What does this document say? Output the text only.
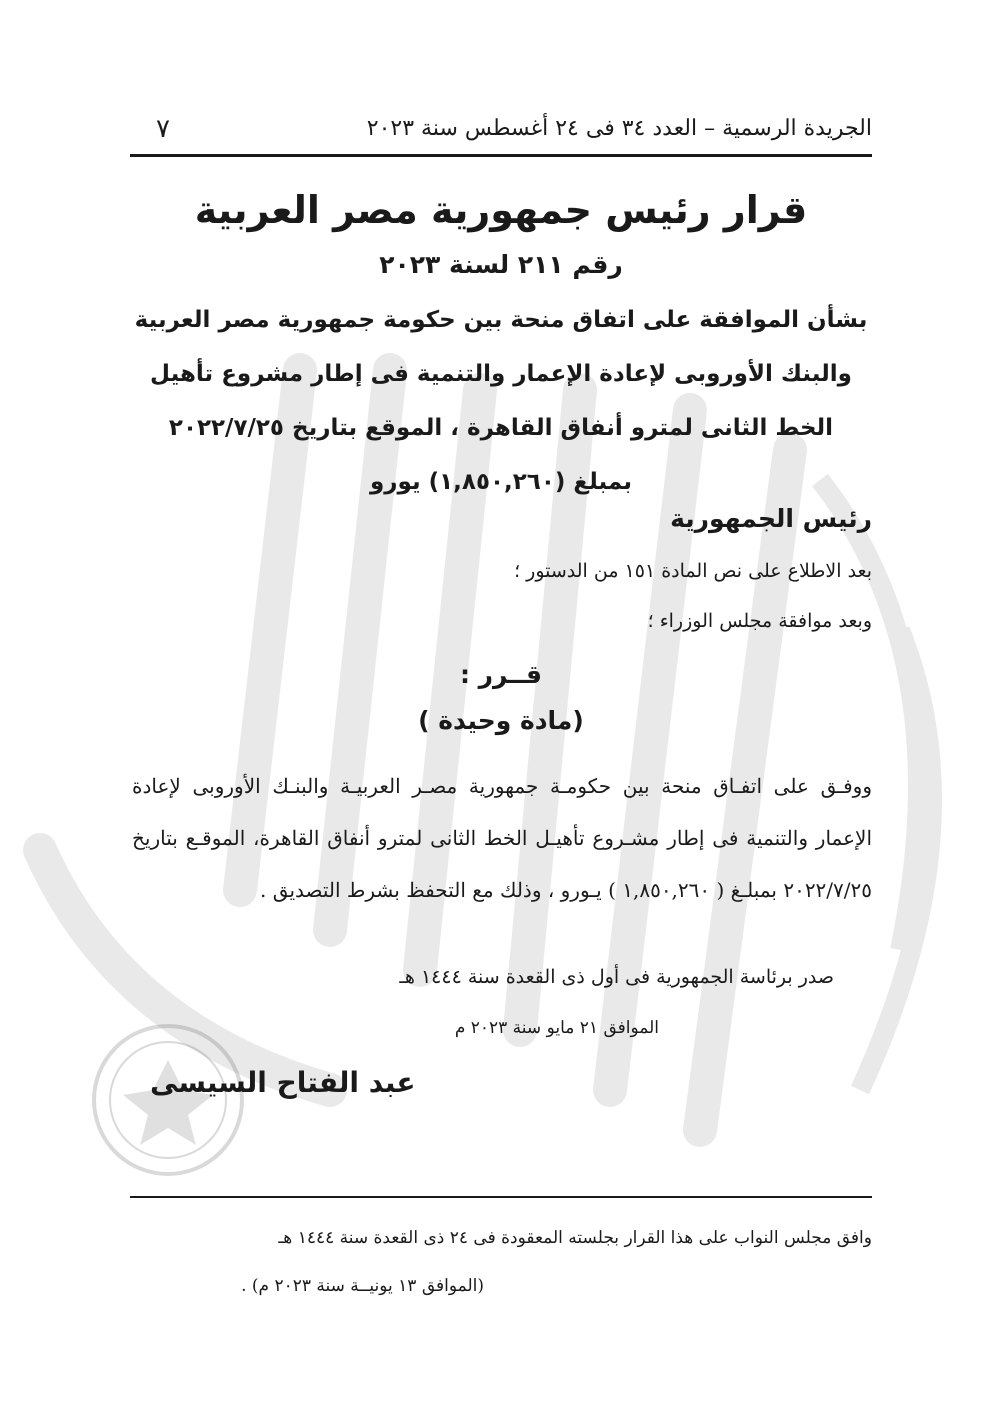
الجريدة الرسمية – العدد ٣٤ فى ٢٤ أغسطس سنة ٢٠٢٣
٧
قرار رئيس جمهورية مصر العربية
رقم ٢١١ لسنة ٢٠٢٣
بشأن الموافقة على اتفاق منحة بين حكومة جمهورية مصر العربية
والبنك الأوروبى لإعادة الإعمار والتنمية فى إطار مشروع تأهيل
الخط الثانى لمترو أنفاق القاهرة ، الموقع بتاريخ ٢٠٢٢/٧/٢٥
بمبلغ (١,٨٥٠,٢٦٠) يورو
رئيس الجمهورية
بعد الاطلاع على نص المادة ١٥١ من الدستور ؛
وبعد موافقة مجلس الوزراء ؛
قــرر :
(مادة وحيدة )
ووفـق على اتفـاق منحة بين حكومـة جمهورية مصـر العربيـة والبنـك الأوروبى لإعادة الإعمار والتنمية فى إطار مشـروع تأهيـل الخط الثانى لمترو أنفاق القاهرة، الموقـع بتاريخ ٢٠٢٢/٧/٢٥ بمبلـغ ( ١,٨٥٠,٢٦٠ ) يـورو ، وذلك مع التحفظ بشرط التصديق .
صدر برئاسة الجمهورية فى أول ذى القعدة سنة ١٤٤٤ هـ
الموافق ٢١ مايو سنة ٢٠٢٣ م
عبد الفتاح السيسى
وافق مجلس النواب على هذا القرار بجلسته المعقودة فى ٢٤ ذى القعدة سنة ١٤٤٤ هـ
(الموافق ١٣ يونيــة سنة ٢٠٢٣ م) .
